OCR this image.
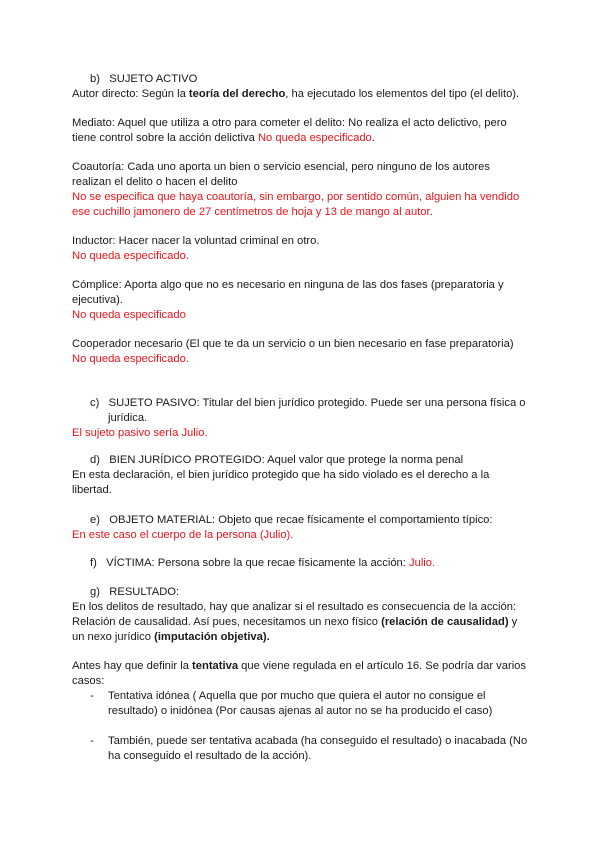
b) SUJETO ACTIVO
Autor directo: Según la teoría del derecho, ha ejecutado los elementos del tipo (el delito).
Mediato: Aquel que utiliza a otro para cometer el delito: No realiza el acto delictivo, pero
tiene control sobre la acción delictiva No queda especificado.
Coautoría: Cada uno aporta un bien o servicio esencial, pero ninguno de los autores
realizan el delito o hacen el delito
No se especifica que haya coautoría, sin embargo, por sentido común, alguien ha vendido
ese cuchillo jamonero de 27 centímetros de hoja y 13 de mango al autor.
Inductor: Hacer nacer la voluntad criminal en otro.
No queda especificado.
Cómplice: Aporta algo que no es necesario en ninguna de las dos fases (preparatoria y
ejecutiva).
No queda especificado
Cooperador necesario (El que te da un servicio o un bien necesario en fase preparatoria)
No queda especificado.
c) SUJETO PASIVO: Titular del bien jurídico protegido. Puede ser una persona física o
jurídica.
El sujeto pasivo sería Julio.
d) BIEN JURÍDICO PROTEGIDO: Aquel valor que protege la norma penal
En esta declaración, el bien jurídico protegido que ha sido violado es el derecho a la
libertad.
e) OBJETO MATERIAL: Objeto que recae físicamente el comportamiento típico:
En este caso el cuerpo de la persona (Julio).
f) VÍCTIMA: Persona sobre la que recae físicamente la acción: Julio.
g) RESULTADO:
En los delitos de resultado, hay que analizar si el resultado es consecuencia de la acción:
Relación de causalidad. Así pues, necesitamos un nexo físico (relación de causalidad) y
un nexo jurídico (imputación objetiva).
Antes hay que definir la tentativa que viene regulada en el artículo 16. Se podría dar varios
casos:
- Tentativa idónea ( Aquella que por mucho que quiera el autor no consigue el
resultado) o inidónea (Por causas ajenas al autor no se ha producido el caso)
- También, puede ser tentativa acabada (ha conseguido el resultado) o inacabada (No
ha conseguido el resultado de la acción).
